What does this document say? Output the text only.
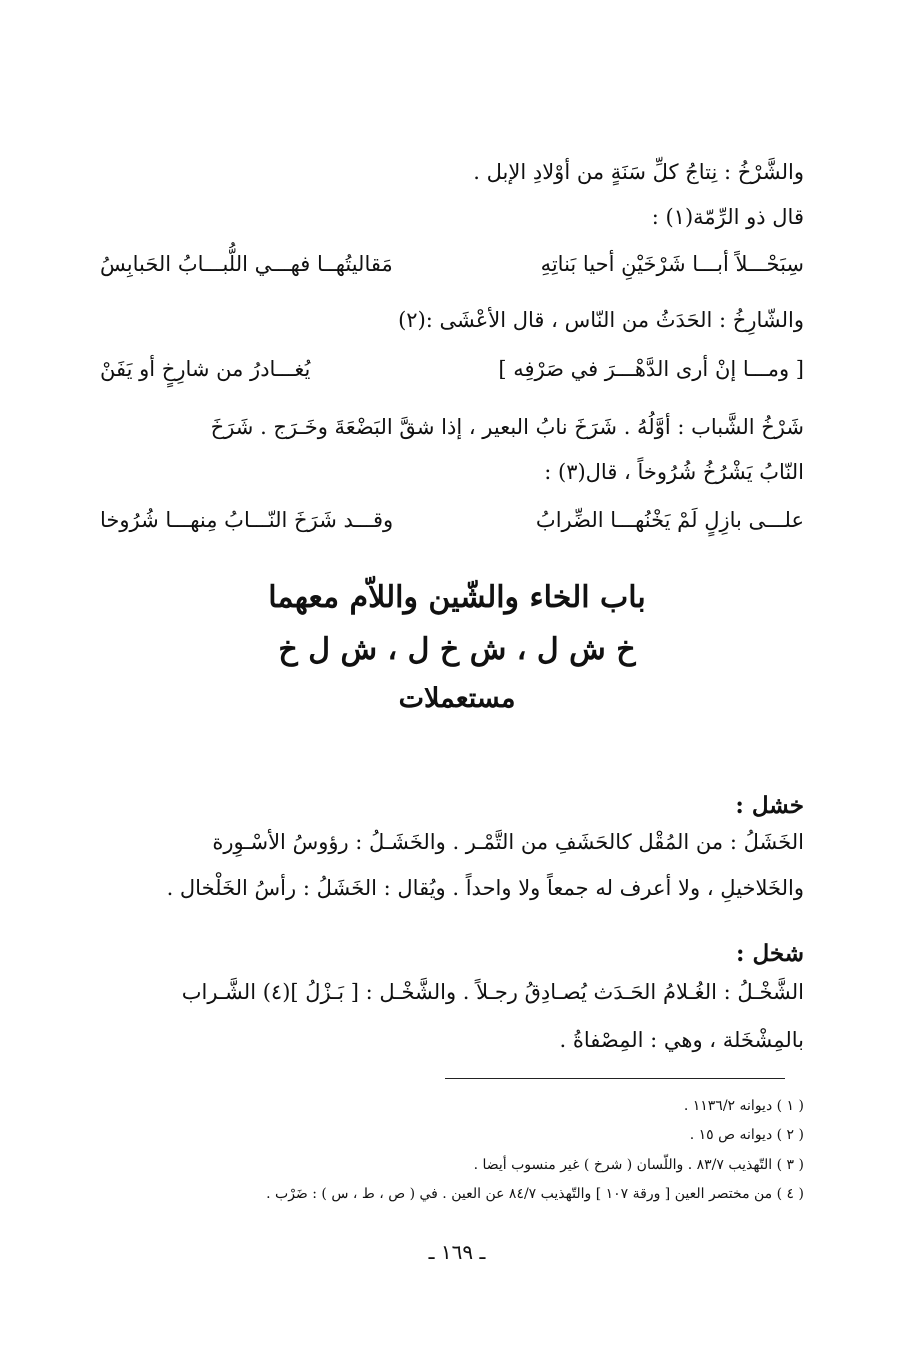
والشَّرْخُ : نِتاجُ كلِّ سَنَةٍ من أوْلادِ الإبل .
قال ذو الرِّمّة(١) :
سِبَحْـــلاً أبـــا شَرْخَيْنِ أحيا بَناتِهِ
مَقاليتُهــا فهـــي اللُّبـــابُ الحَبابِسُ
والشّارِخُ : الحَدَثُ من النّاس ، قال الأعْشَى :(٢)
[ ومـــا إنْ أرى الدَّهْـــرَ في صَرْفِه ]
يُغـــادرُ من شارِخٍ أو يَفَنْ
شَرْخُ الشَّباب : أوَّلُهُ . شَرَخَ نابُ البعير ، إذا شقَّ البَضْعَةَ وخَـرَج . شَرَخَ
النّابُ يَشْرُخُ شُرُوخاً ، قال(٣) :
علـــى بازِلٍ لَمْ يَخْنُهـــا الضِّرابُ
وقـــد شَرَخَ النّـــابُ مِنهـــا شُرُوخا
باب الخاء والشّين واللاّم معهما
خ ش ل ، ش خ ل ، ش ل خ
مستعملات
خشل :
الخَشَلُ : من المُقْل كالحَشَفِ من التَّمْـر . والخَشَـلُ : رؤوسُ الأسْـوِرة
والخَلاخيلِ ، ولا أعرف له جمعاً ولا واحداً . ويُقال : الخَشَلُ : رأسُ الخَلْخال .
شخل :
الشَّخْـلُ : الغُـلامُ الحَـدَث يُصـادِقُ رجـلاً . والشَّخْـل : [ بَـزْلُ ](٤) الشَّـراب
بالمِشْخَلة ، وهي : المِصْفاةُ .
( ١ ) ديوانه ١١٣٦/٢ .
( ٢ ) ديوانه ص ١٥ .
( ٣ ) التّهذيب ٨٣/٧ . واللّسان ( شرخ ) غير منسوب أيضا .
( ٤ ) من مختصر العين [ ورقة ١٠٧ ] والتّهذيب ٨٤/٧ عن العين . في ( ص ، ط ، س ) : ضَرْب .
ـ ١٦٩ ـ
